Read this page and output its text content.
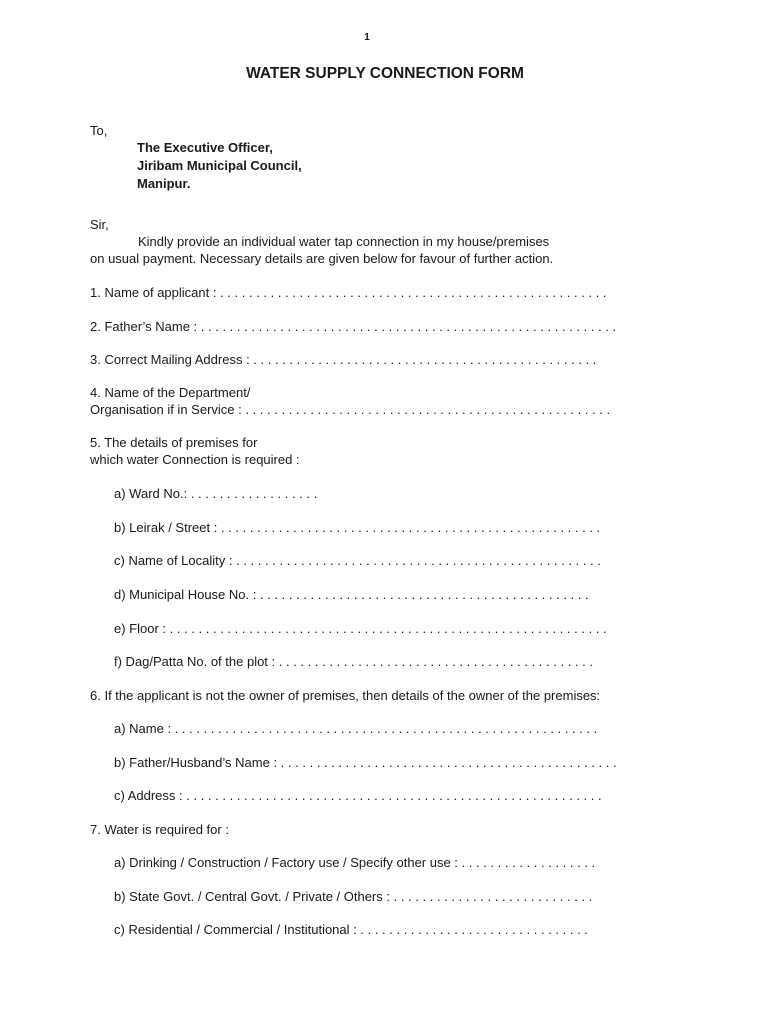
1
WATER SUPPLY CONNECTION FORM
To,
The Executive Officer,
Jiribam Municipal Council,
Manipur.
Sir,
Kindly provide an individual water tap connection in my house/premises
on usual payment. Necessary details are given below for favour of further action.
1. Name of applicant : . . . . . . . . . . . . . . . . . . . . . . . . . . . . . . . . . . . . . . . . . . . . . . . . . . . . . .
2. Father’s Name : . . . . . . . . . . . . . . . . . . . . . . . . . . . . . . . . . . . . . . . . . . . . . . . . . . . . . . . . . .
3. Correct Mailing Address : . . . . . . . . . . . . . . . . . . . . . . . . . . . . . . . . . . . . . . . . . . . . . . . .
4. Name of the Department/
Organisation if in Service : . . . . . . . . . . . . . . . . . . . . . . . . . . . . . . . . . . . . . . . . . . . . . . . . . . .
5. The details of premises for
which water Connection is required :
a) Ward No.: . . . . . . . . . . . . . . . . . .
b) Leirak / Street : . . . . . . . . . . . . . . . . . . . . . . . . . . . . . . . . . . . . . . . . . . . . . . . . . . . . .
c) Name of Locality : . . . . . . . . . . . . . . . . . . . . . . . . . . . . . . . . . . . . . . . . . . . . . . . . . . .
d) Municipal House No. : . . . . . . . . . . . . . . . . . . . . . . . . . . . . . . . . . . . . . . . . . . . . . .
e) Floor : . . . . . . . . . . . . . . . . . . . . . . . . . . . . . . . . . . . . . . . . . . . . . . . . . . . . . . . . . . . . .
f) Dag/Patta No. of the plot : . . . . . . . . . . . . . . . . . . . . . . . . . . . . . . . . . . . . . . . . . . . .
6. If the applicant is not the owner of premises, then details of the owner of the premises:
a) Name : . . . . . . . . . . . . . . . . . . . . . . . . . . . . . . . . . . . . . . . . . . . . . . . . . . . . . . . . . . .
b) Father/Husband’s Name : . . . . . . . . . . . . . . . . . . . . . . . . . . . . . . . . . . . . . . . . . . . . . . .
c) Address : . . . . . . . . . . . . . . . . . . . . . . . . . . . . . . . . . . . . . . . . . . . . . . . . . . . . . . . . . .
7. Water is required for :
a) Drinking / Construction / Factory use / Specify other use : . . . . . . . . . . . . . . . . . . .
b) State Govt. / Central Govt. / Private / Others : . . . . . . . . . . . . . . . . . . . . . . . . . . . .
c) Residential / Commercial / Institutional : . . . . . . . . . . . . . . . . . . . . . . . . . . . . . . . .
